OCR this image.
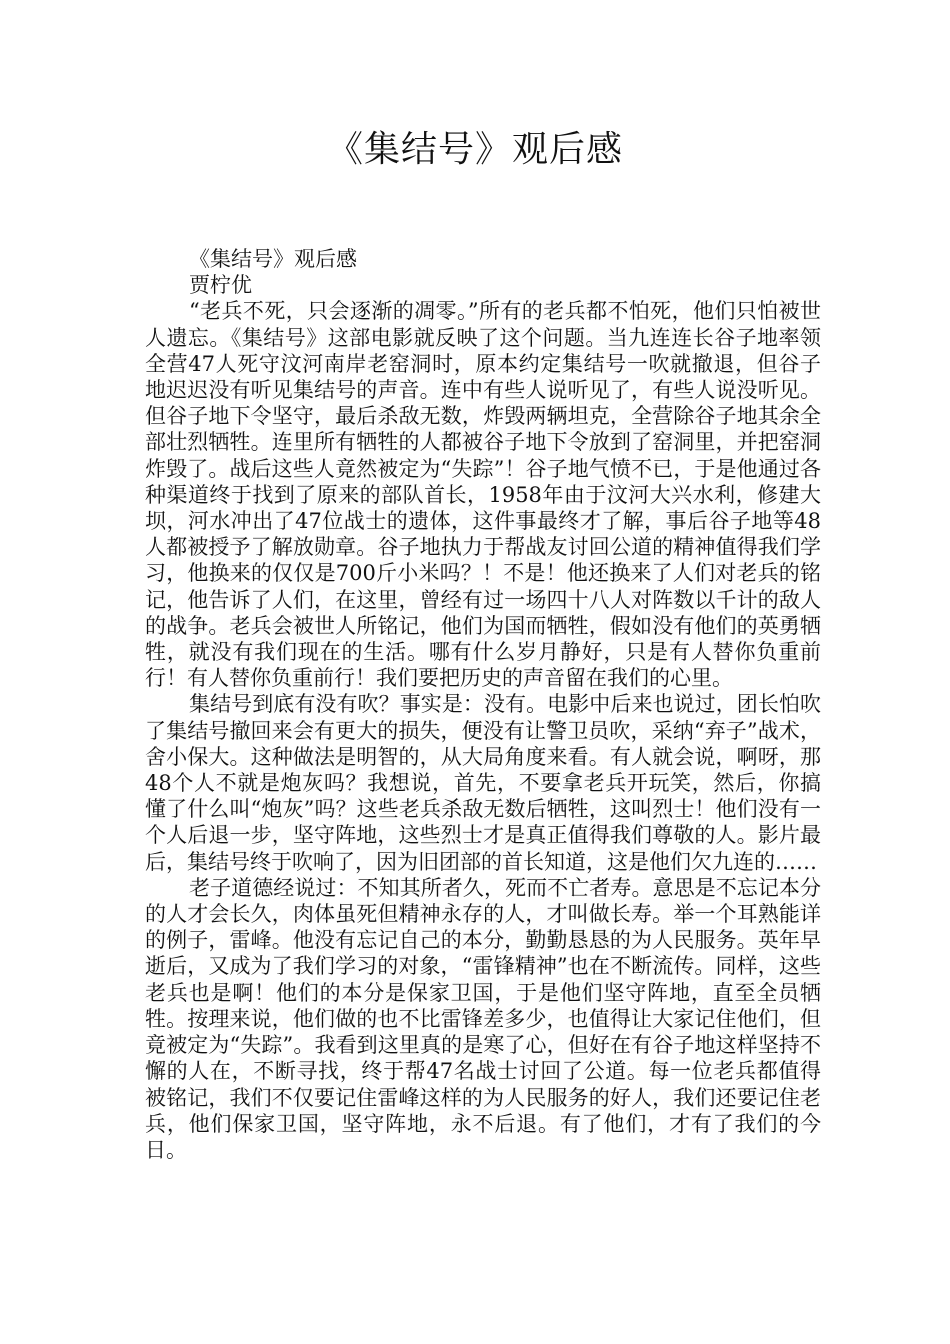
《集结号》观后感

《集结号》观后感

贾柠优

“老兵不死，只会逐渐的凋零。”所有的老兵都不怕死，他们只怕被世人遗忘。《集结号》这部电影就反映了这个问题。当九连连长谷子地率领全营47人死守汶河南岸老窑洞时，原本约定集结号一吹就撤退，但谷子地迟迟没有听见集结号的声音。连中有些人说听见了，有些人说没听见。但谷子地下令坚守，最后杀敌无数，炸毁两辆坦克，全营除谷子地其余全部壮烈牺牲。连里所有牺牲的人都被谷子地下令放到了窑洞里，并把窑洞炸毁了。战后这些人竟然被定为“失踪”！谷子地气愤不已，于是他通过各种渠道终于找到了原来的部队首长，1958年由于汶河大兴水利，修建大坝，河水冲出了47位战士的遗体，这件事最终才了解，事后谷子地等48人都被授予了解放勋章。谷子地执力于帮战友讨回公道的精神值得我们学习，他换来的仅仅是700斤小米吗？！不是！他还换来了人们对老兵的铭记，他告诉了人们，在这里，曾经有过一场四十八人对阵数以千计的敌人的战争。老兵会被世人所铭记，他们为国而牺牲，假如没有他们的英勇牺牲，就没有我们现在的生活。哪有什么岁月静好，只是有人替你负重前行！有人替你负重前行！我们要把历史的声音留在我们的心里。

集结号到底有没有吹？事实是：没有。电影中后来也说过，团长怕吹了集结号撤回来会有更大的损失，便没有让警卫员吹，采纳“弃子”战术，舍小保大。这种做法是明智的，从大局角度来看。有人就会说，啊呀，那48个人不就是炮灰吗？我想说，首先，不要拿老兵开玩笑，然后，你搞懂了什么叫“炮灰”吗？这些老兵杀敌无数后牺牲，这叫烈士！他们没有一个人后退一步，坚守阵地，这些烈士才是真正值得我们尊敬的人。影片最后，集结号终于吹响了，因为旧团部的首长知道，这是他们欠九连的……

老子道德经说过：不知其所者久，死而不亡者寿。意思是不忘记本分的人才会长久，肉体虽死但精神永存的人，才叫做长寿。举一个耳熟能详的例子，雷峰。他没有忘记自己的本分，勤勤恳恳的为人民服务。英年早逝后，又成为了我们学习的对象，“雷锋精神”也在不断流传。同样，这些老兵也是啊！他们的本分是保家卫国，于是他们坚守阵地，直至全员牺牲。按理来说，他们做的也不比雷锋差多少，也值得让大家记住他们，但竟被定为“失踪”。我看到这里真的是寒了心，但好在有谷子地这样坚持不懈的人在，不断寻找，终于帮47名战士讨回了公道。每一位老兵都值得被铭记，我们不仅要记住雷峰这样的为人民服务的好人，我们还要记住老兵，他们保家卫国，坚守阵地，永不后退。有了他们，才有了我们的今日。
